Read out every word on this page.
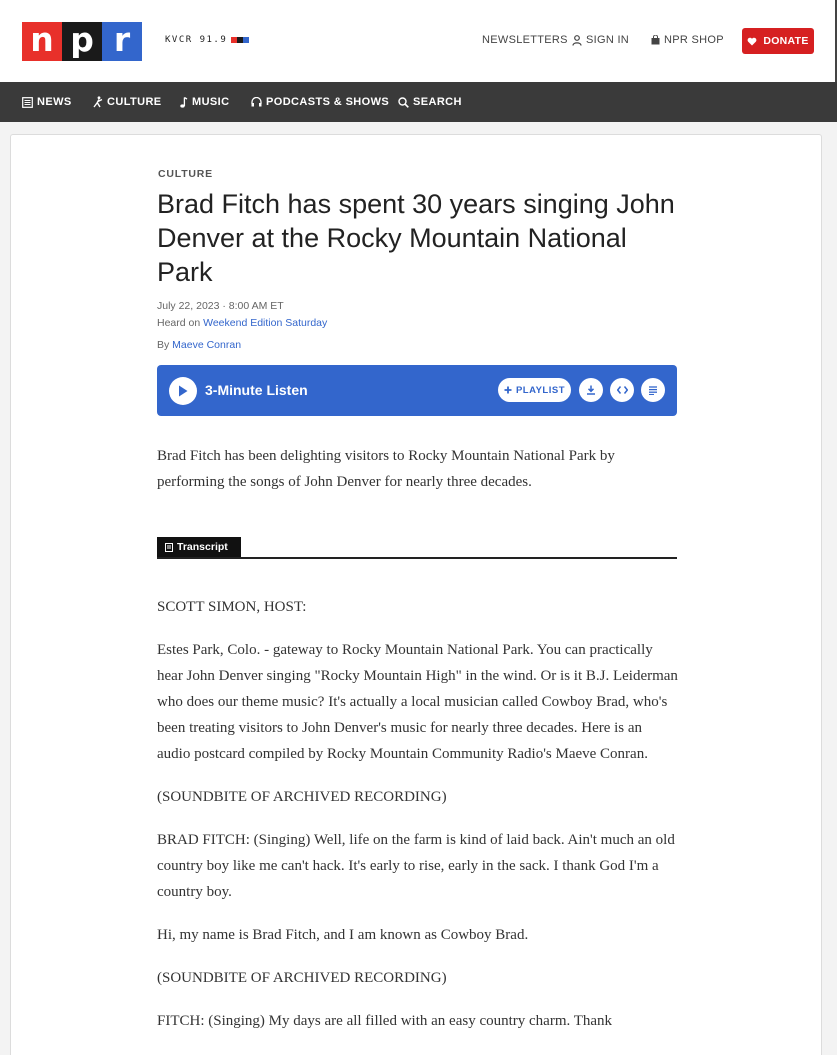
n p r	KVCR 91.9	NEWSLETTERS SIGN IN	NPR SHOP	DONATE
NEWS	CULTURE	MUSIC	PODCASTS & SHOWS SEARCH
CULTURE
Brad Fitch has spent 30 years singing John Denver at the Rocky Mountain National Park
July 22, 2023 · 8:00 AM ET
Heard on Weekend Edition Saturday
By Maeve Conran
3-Minute Listen	PLAYLIST

Brad Fitch has been delighting visitors to Rocky Mountain National Park by performing the songs of John Denver for nearly three decades.

Transcript

SCOTT SIMON, HOST:

Estes Park, Colo. - gateway to Rocky Mountain National Park. You can practically hear John Denver singing "Rocky Mountain High" in the wind. Or is it B.J. Leiderman who does our theme music? It's actually a local musician called Cowboy Brad, who's been treating visitors to John Denver's music for nearly three decades. Here is an audio postcard compiled by Rocky Mountain Community Radio's Maeve Conran.

(SOUNDBITE OF ARCHIVED RECORDING)

BRAD FITCH: (Singing) Well, life on the farm is kind of laid back. Ain't much an old country boy like me can't hack. It's early to rise, early in the sack. I thank God I'm a country boy.

Hi, my name is Brad Fitch, and I am known as Cowboy Brad.

(SOUNDBITE OF ARCHIVED RECORDING)

FITCH: (Singing) My days are all filled with an easy country charm. Thank
